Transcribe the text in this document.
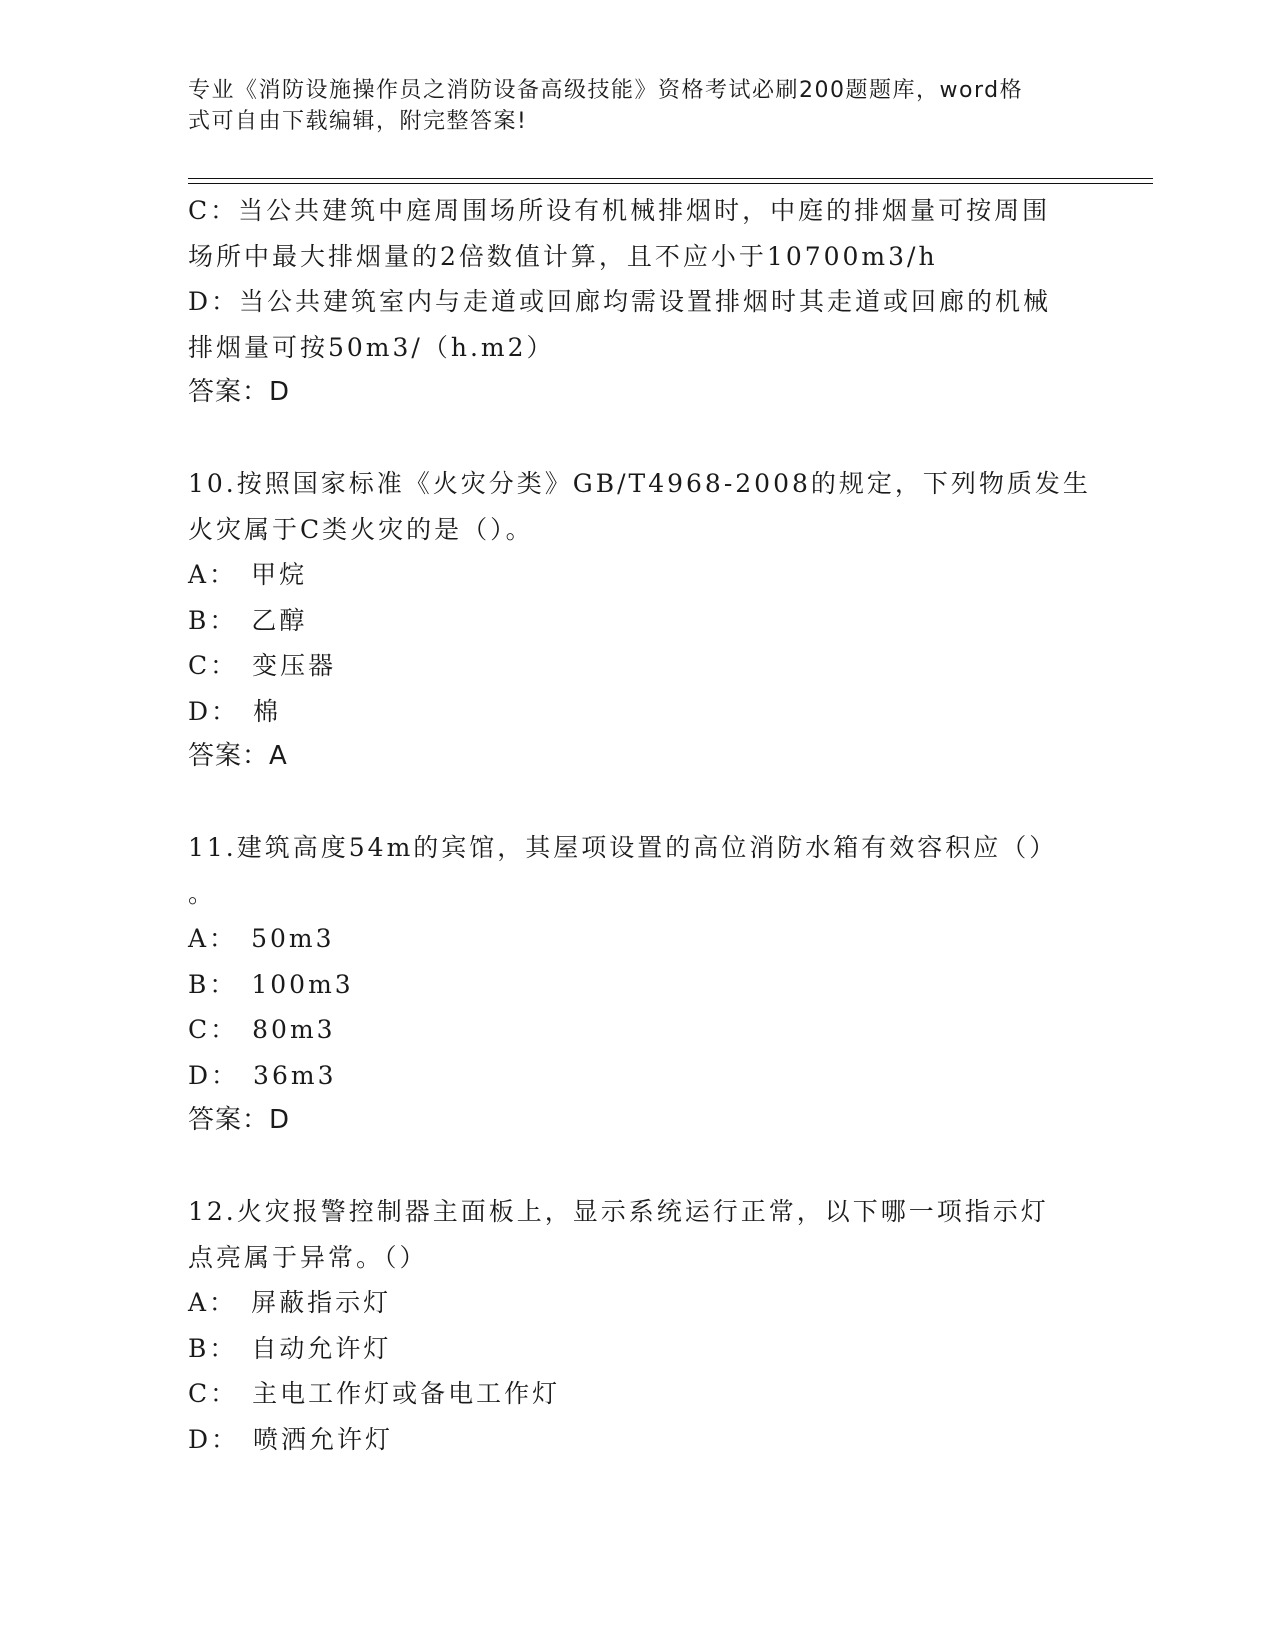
专业《消防设施操作员之消防设备高级技能》资格考试必刷200题题库，word格
式可自由下载编辑，附完整答案!
C：当公共建筑中庭周围场所设有机械排烟时，中庭的排烟量可按周围
场所中最大排烟量的2倍数值计算，且不应小于10700m3/h
D：当公共建筑室内与走道或回廊均需设置排烟时其走道或回廊的机械
排烟量可按50m3/（h.m2）
答案：D
10.按照国家标准《火灾分类》GB/T4968-2008的规定，下列物质发生
火灾属于C类火灾的是（）。
A： 甲烷
B： 乙醇
C： 变压器
D： 棉
答案：A
11.建筑高度54m的宾馆，其屋项设置的高位消防水箱有效容积应（）
。
A： 50m3
B： 100m3
C： 80m3
D： 36m3
答案：D
12.火灾报警控制器主面板上，显示系统运行正常，以下哪一项指示灯
点亮属于异常。（）
A： 屏蔽指示灯
B： 自动允许灯
C： 主电工作灯或备电工作灯
D： 喷洒允许灯
